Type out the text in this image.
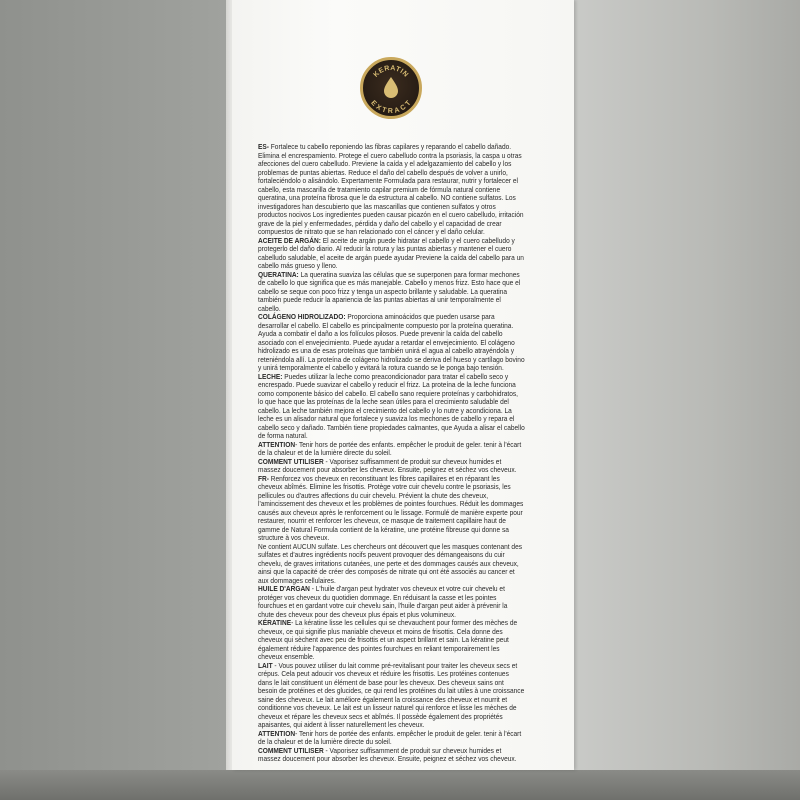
KERATIN
EXTRACT

ES- Fortalece tu cabello reponiendo las fibras capilares y reparando el cabello dañado. Elimina el encrespamiento. Protege el cuero cabelludo contra la psoriasis, la caspa u otras afecciones del cuero cabelludo. Previene la caída y el adelgazamiento del cabello y los problemas de puntas abiertas. Reduce el daño del cabello después de volver a unirlo, fortaleciéndolo o alisándolo. Expertamente Formulada para restaurar, nutrir y fortalecer el cabello, esta mascarilla de tratamiento capilar premium de fórmula natural contiene queratina, una proteína fibrosa que le da estructura al cabello. NO contiene sulfatos. Los investigadores han descubierto que las mascarillas que contienen sulfatos y otros productos nocivos Los ingredientes pueden causar picazón en el cuero cabelludo, irritación grave de la piel y enfermedades, pérdida y daño del cabello y el capacidad de crear compuestos de nitrato que se han relacionado con el cáncer y el daño celular.

ACEITE DE ARGÁN: El aceite de argán puede hidratar el cabello y el cuero cabelludo y protegerlo del daño diario. Al reducir la rotura y las puntas abiertas y mantener el cuero cabelludo saludable, el aceite de argán puede ayudar Previene la caída del cabello para un cabello más grueso y lleno.

QUERATINA: La queratina suaviza las células que se superponen para formar mechones de cabello lo que significa que es más manejable. Cabello y menos frizz. Esto hace que el cabello se seque con poco frizz y tenga un aspecto brillante y saludable. La queratina también puede reducir la apariencia de las puntas abiertas al unir temporalmente el cabello.

COLÁGENO HIDROLIZADO: Proporciona aminoácidos que pueden usarse para desarrollar el cabello. El cabello es principalmente compuesto por la proteína queratina. Ayuda a combatir el daño a los folículos pilosos. Puede prevenir la caída del cabello asociado con el envejecimiento. Puede ayudar a retardar el envejecimiento. El colágeno hidrolizado es una de esas proteínas que también unirá el agua al cabello atrayéndola y reteniéndola allí. La proteína de colágeno hidrolizado se deriva del hueso y cartílago bovino y unirá temporalmente el cabello y evitará la rotura cuando se le ponga bajo tensión.

LECHE: Puedes utilizar la leche como preacondicionador para tratar el cabello seco y encrespado. Puede suavizar el cabello y reducir el frizz. La proteína de la leche funciona como componente básico del cabello. El cabello sano requiere proteínas y carbohidratos, lo que hace que las proteínas de la leche sean útiles para el crecimiento saludable del cabello. La leche también mejora el crecimiento del cabello y lo nutre y acondiciona. La leche es un alisador natural que fortalece y suaviza los mechones de cabello y repara el cabello seco y dañado. También tiene propiedades calmantes, que Ayuda a alisar el cabello de forma natural.

ATTENTION- Tenir hors de portée des enfants. empêcher le produit de geler. tenir à l'écart de la chaleur et de la lumière directe du soleil.

COMMENT UTILISER - Vaporisez suffisamment de produit sur cheveux humides et massez doucement pour absorber les cheveux. Ensuite, peignez et séchez vos cheveux.

FR- Renforcez vos cheveux en reconstituant les fibres capillaires et en réparant les cheveux abîmés. Elimine les frisottis. Protège votre cuir chevelu contre le psoriasis, les pellicules ou d'autres affections du cuir chevelu. Prévient la chute des cheveux, l'amincissement des cheveux et les problèmes de pointes fourchues. Réduit les dommages causés aux cheveux après le renforcement ou le lissage. Formulé de manière experte pour restaurer, nourrir et renforcer les cheveux, ce masque de traitement capillaire haut de gamme de Natural Formula contient de la kératine, une protéine fibreuse qui donne sa structure à vos cheveux.

Ne contient AUCUN sulfate. Les chercheurs ont découvert que les masques contenant des sulfates et d'autres ingrédients nocifs peuvent provoquer des démangeaisons du cuir chevelu, de graves irritations cutanées, une perte et des dommages causés aux cheveux, ainsi que la capacité de créer des composés de nitrate qui ont été associés au cancer et aux dommages cellulaires.

HUILE D'ARGAN - L'huile d'argan peut hydrater vos cheveux et votre cuir chevelu et protéger vos cheveux du quotidien dommage. En réduisant la casse et les pointes fourchues et en gardant votre cuir chevelu sain, l'huile d'argan peut aider à prévenir la chute des cheveux pour des cheveux plus épais et plus volumineux.

KÉRATINE- La kératine lisse les cellules qui se chevauchent pour former des mèches de cheveux, ce qui signifie plus maniable cheveux et moins de frisottis. Cela donne des cheveux qui sèchent avec peu de frisottis et un aspect brillant et sain. La kératine peut également réduire l'apparence des pointes fourchues en reliant temporairement les cheveux ensemble.

LAIT - Vous pouvez utiliser du lait comme pré-revitalisant pour traiter les cheveux secs et crépus. Cela peut adoucir vos cheveux et réduire les frisottis. Les protéines contenues dans le lait constituent un élément de base pour les cheveux. Des cheveux sains ont besoin de protéines et des glucides, ce qui rend les protéines du lait utiles à une croissance saine des cheveux. Le lait améliore également la croissance des cheveux et nourrit et conditionne vos cheveux. Le lait est un lisseur naturel qui renforce et lisse les mèches de cheveux et répare les cheveux secs et abîmés. Il possède également des propriétés apaisantes, qui aident à lisser naturellement les cheveux.

ATTENTION- Tenir hors de portée des enfants. empêcher le produit de geler. tenir à l'écart de la chaleur et de la lumière directe du soleil.

COMMENT UTILISER - Vaporisez suffisamment de produit sur cheveux humides et massez doucement pour absorber les cheveux. Ensuite, peignez et séchez vos cheveux.
